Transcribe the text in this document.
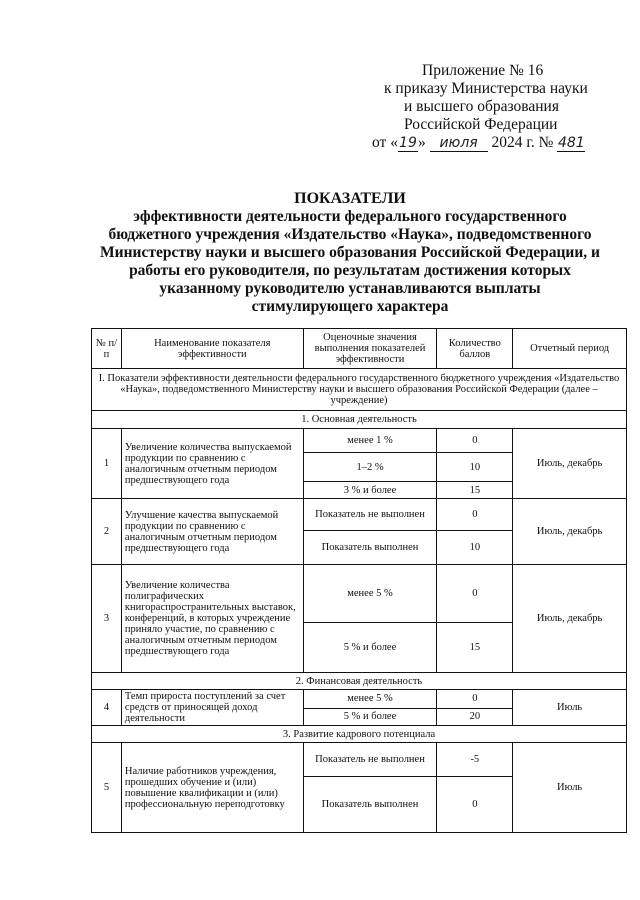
Приложение № 16
к приказу Министерства науки
и высшего образования
Российской Федерации
от «19» июля 2024 г. № 481
ПОКАЗАТЕЛИ
эффективности деятельности федерального государственного бюджетного учреждения «Издательство «Наука», подведомственного Министерству науки и высшего образования Российской Федерации, и работы его руководителя, по результатам достижения которых указанному руководителю устанавливаются выплаты стимулирующего характера
№ п/п	Наименование показателя эффективности	Оценочные значения выполнения показателей эффективности	Количество баллов	Отчетный период
I. Показатели эффективности деятельности федерального государственного бюджетного учреждения «Издательство «Наука», подведомственного Министерству науки и высшего образования Российской Федерации (далее – учреждение)				
1. Основная деятельность				
1	Увеличение количества выпускаемой продукции по сравнению с аналогичным отчетным периодом предшествующего года	менее 1 %	0	Июль, декабрь
		1–2 %	10	
		3 % и более	15	
2	Улучшение качества выпускаемой продукции по сравнению с аналогичным отчетным периодом предшествующего года	Показатель не выполнен	0	Июль, декабрь
		Показатель выполнен	10	
3	Увеличение количества полиграфических книгораспространительных выставок, конференций, в которых учреждение приняло участие, по сравнению с аналогичным отчетным периодом предшествующего года	менее 5 %	0	Июль, декабрь
		5 % и более	15	
2. Финансовая деятельность				
4	Темп прироста поступлений за счет средств от приносящей доход деятельности	менее 5 %	0	Июль
		5 % и более	20	
3. Развитие кадрового потенциала				
5	Наличие работников учреждения, прошедших обучение и (или) повышение квалификации и (или) профессиональную переподготовку	Показатель не выполнен	-5	Июль
		Показатель выполнен	0	
